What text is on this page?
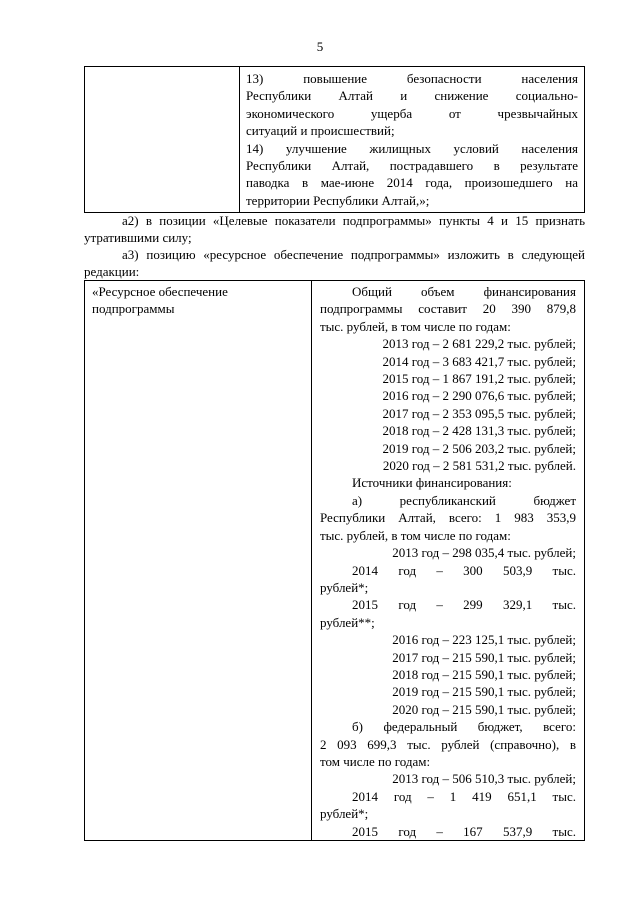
5

13) повышение безопасности населения
Республики Алтай и снижение социально-
экономического ущерба от чрезвычайных
ситуаций и происшествий;
14) улучшение жилищных условий населения
Республики Алтай, пострадавшего в результате
паводка в мае-июне 2014 года, произошедшего на
территории Республики Алтай,»;
а2) в позиции «Целевые показатели подпрограммы» пункты 4 и 15 признать утратившими силу;
а3) позицию «ресурсное обеспечение подпрограммы» изложить в следующей редакции:
«Ресурсное обеспечение
подпрограммы

Общий объем финансирования
подпрограммы составит 20 390 879,8
тыс. рублей, в том числе по годам:
2013 год – 2 681 229,2 тыс. рублей;
2014 год – 3 683 421,7 тыс. рублей;
2015 год – 1 867 191,2 тыс. рублей;
2016 год – 2 290 076,6 тыс. рублей;
2017 год – 2 353 095,5 тыс. рублей;
2018 год – 2 428 131,3 тыс. рублей;
2019 год – 2 506 203,2 тыс. рублей;
2020 год – 2 581 531,2 тыс. рублей.
Источники финансирования:
а) республиканский бюджет
Республики Алтай, всего: 1 983 353,9
тыс. рублей, в том числе по годам:
2013 год – 298 035,4 тыс. рублей;
2014 год – 300 503,9 тыс.
рублей*;
2015 год – 299 329,1 тыс.
рублей**;
2016 год – 223 125,1 тыс. рублей;
2017 год – 215 590,1 тыс. рублей;
2018 год – 215 590,1 тыс. рублей;
2019 год – 215 590,1 тыс. рублей;
2020 год – 215 590,1 тыс. рублей;
б) федеральный бюджет, всего:
2 093 699,3 тыс. рублей (справочно), в
том числе по годам:
2013 год – 506 510,3 тыс. рублей;
2014 год – 1 419 651,1 тыс.
рублей*;
2015 год – 167 537,9 тыс.
